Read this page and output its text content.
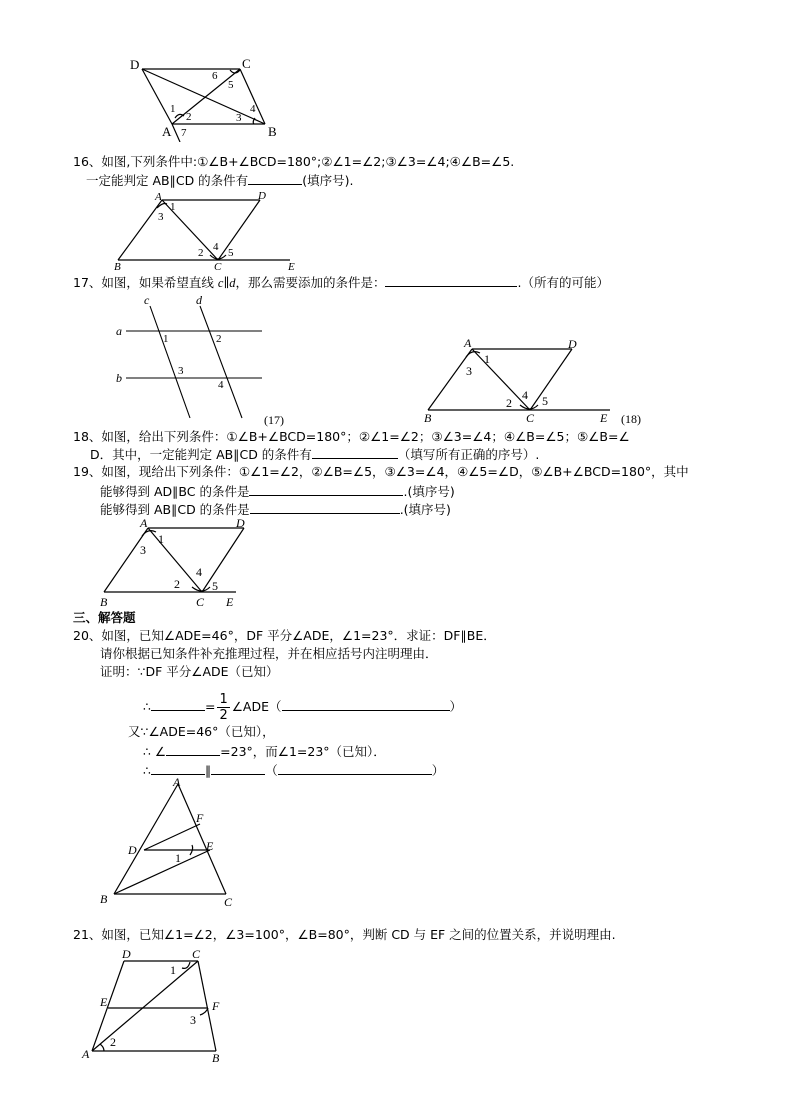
D	C
A	B
1
2	3
4
5
6
7
16、如图,下列条件中:①∠B+∠BCD=180°;②∠1=∠2;③∠3=∠4;④∠B=∠5.
一定能判定 AB∥CD 的条件有	(填序号).
A	D
B	C	E
1
3
2 4 5
17、如图，如果希望直线 c∥d，那么需要添加的条件是：	.（所有的可能）
c	d
a
b
1	2
3
4
(17)
A	D
B	C	E
1
3
2
4 5
(18)
18、如图，给出下列条件：①∠B+∠BCD=180°；②∠1=∠2；③∠3=∠4；④∠B=∠5；⑤∠B=∠
D．其中，一定能判定 AB∥CD 的条件有	（填写所有正确的序号）.
19、如图，现给出下列条件：①∠1=∠2，②∠B=∠5，③∠3=∠4，④∠5=∠D，⑤∠B+∠BCD=180°，其中
能够得到 AD∥BC 的条件是	.(填序号)
能够得到 AB∥CD 的条件是	.(填序号)
A	D
B	C E
1
3
2
4
5
三、解答题
20、如图，已知∠ADE=46°，DF 平分∠ADE，∠1=23°．求证：DF∥BE．
请你根据已知条件补充推理过程，并在相应括号内注明理由．
证明：∵DF 平分∠ADE（已知）
∴	= $\frac{1}{2}$ ∠ADE（	）
又∵∠ADE=46°（已知），
∴ ∠	=23°，而∠1=23°（已知）．
∴	∥	（	）
A
F
D	E
B	C
1
21、如图，已知∠1=∠2，∠3=100°，∠B=80°，判断 CD 与 EF 之间的位置关系，并说明理由.
D	C
E	F
A	B
1
2
3
